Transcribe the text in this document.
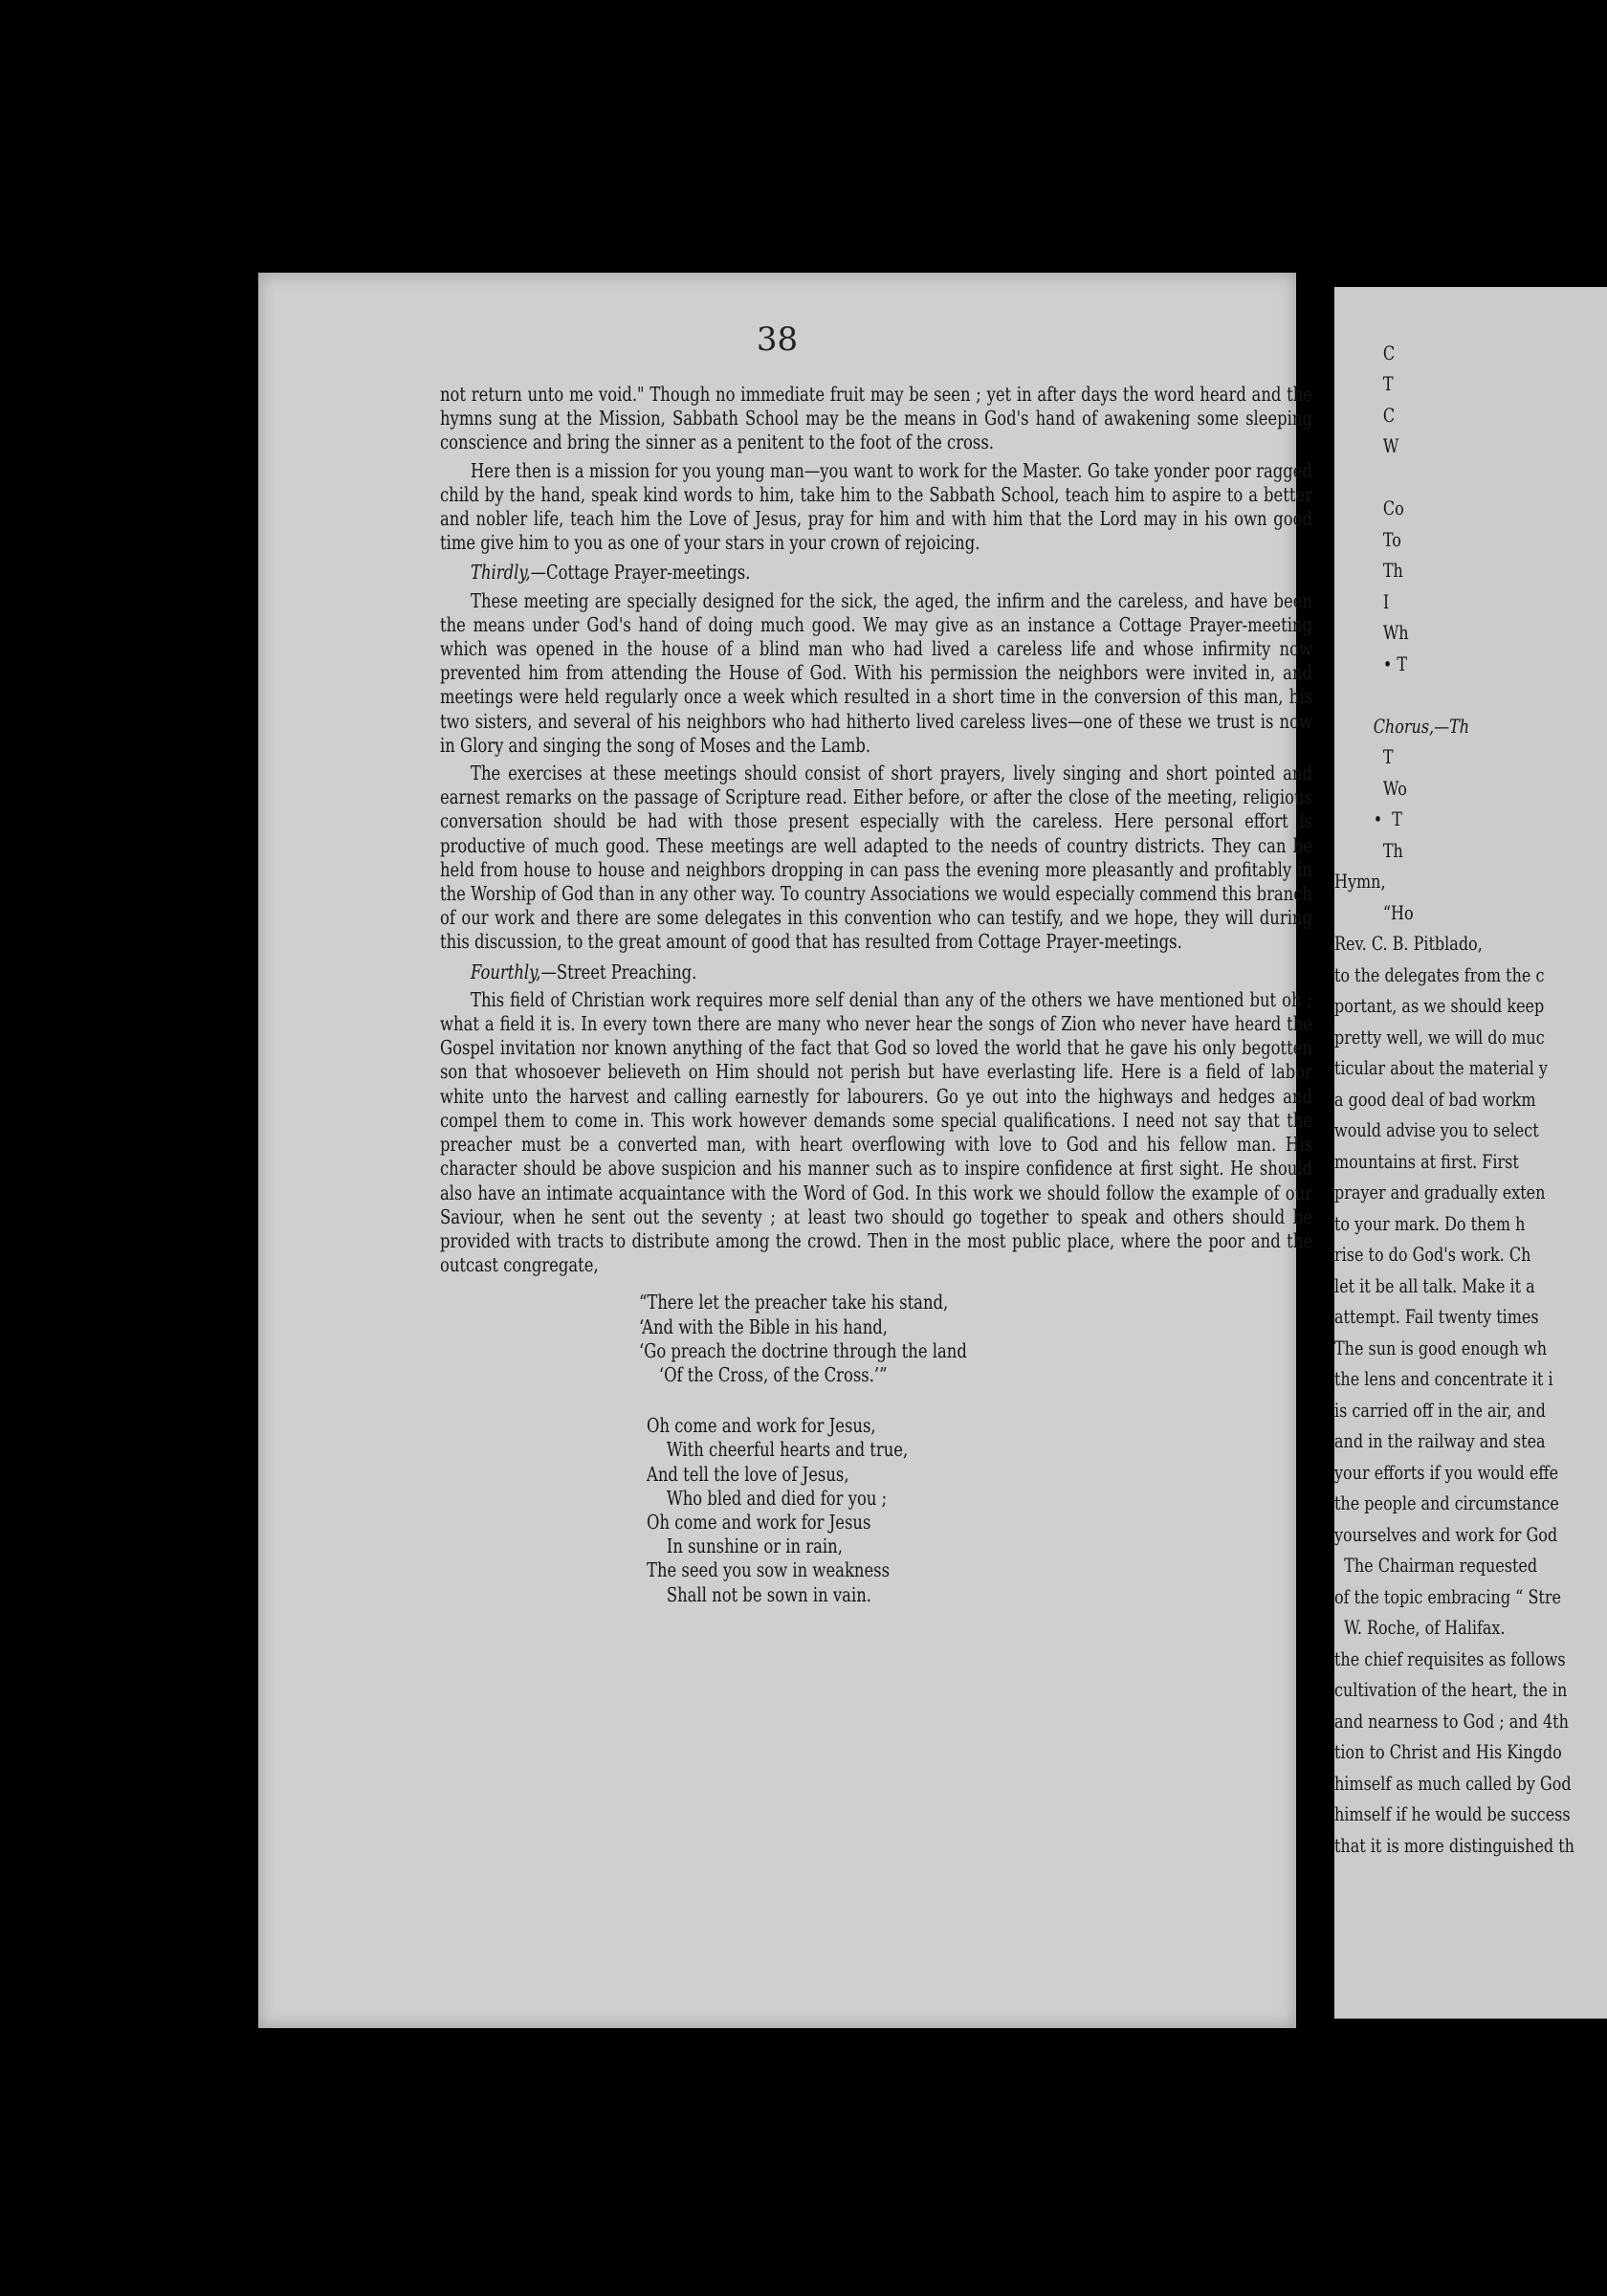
38

not return unto me void." Though no immediate fruit may be seen ; yet in after days the word heard and the hymns sung at the Mission, Sabbath School may be the means in God's hand of awakening some sleeping conscience and bring the sinner as a penitent to the foot of the cross.

Here then is a mission for you young man—you want to work for the Master. Go take yonder poor ragged child by the hand, speak kind words to him, take him to the Sabbath School, teach him to aspire to a better and nobler life, teach him the Love of Jesus, pray for him and with him that the Lord may in his own good time give him to you as one of your stars in your crown of rejoicing.

Thirdly,—Cottage Prayer-meetings.

These meeting are specially designed for the sick, the aged, the infirm and the careless, and have been the means under God's hand of doing much good. We may give as an instance a Cottage Prayer-meeting which was opened in the house of a blind man who had lived a careless life and whose infirmity now prevented him from attending the House of God. With his permission the neighbors were invited in, and meetings were held regularly once a week which resulted in a short time in the conversion of this man, his two sisters, and several of his neighbors who had hitherto lived careless lives—one of these we trust is now in Glory and singing the song of Moses and the Lamb.

The exercises at these meetings should consist of short prayers, lively singing and short pointed and earnest remarks on the passage of Scripture read. Either before, or after the close of the meeting, religious conversation should be had with those present especially with the careless. Here personal effort is productive of much good. These meetings are well adapted to the needs of country districts. They can be held from house to house and neighbors dropping in can pass the evening more pleasantly and profitably in the Worship of God than in any other way. To country Associations we would especially commend this branch of our work and there are some delegates in this convention who can testify, and we hope, they will during this discussion, to the great amount of good that has resulted from Cottage Prayer-meetings.

Fourthly,—Street Preaching.

This field of Christian work requires more self denial than any of the others we have mentioned but oh ; what a field it is. In every town there are many who never hear the songs of Zion who never have heard the Gospel invitation nor known anything of the fact that God so loved the world that he gave his only begotten son that whosoever believeth on Him should not perish but have everlasting life. Here is a field of labor white unto the harvest and calling earnestly for labourers. Go ye out into the highways and hedges and compel them to come in. This work however demands some special qualifications. I need not say that the preacher must be a converted man, with heart overflowing with love to God and his fellow man. His character should be above suspicion and his manner such as to inspire confidence at first sight. He should also have an intimate acquaintance with the Word of God. In this work we should follow the example of our Saviour, when he sent out the seventy ; at least two should go together to speak and others should be provided with tracts to distribute among the crowd. Then in the most public place, where the poor and the outcast congregate,

“There let the preacher take his stand,
‘And with the Bible in his hand,
‘Go preach the doctrine through the land
‘Of the Cross, of the Cross.’”
Oh come and work for Jesus,
With cheerful hearts and true,
And tell the love of Jesus,
Who bled and died for you ;
Oh come and work for Jesus
In sunshine or in rain,
The seed you sow in weakness
Shall not be sown in vain.
C
T
C
W
Co
To
Th
I
Wh
• T
Chorus,—Th
T
Wo
•  T
Th
Hymn,
“Ho
Rev. C. B. Pitblado,
to the delegates from the c
portant, as we should keep
pretty well, we will do muc
ticular about the material y
a good deal of bad workm
would advise you to select
mountains at first. First
prayer and gradually exten
to your mark. Do them h
rise to do God's work. Ch
let it be all talk. Make it a
attempt. Fail twenty times
The sun is good enough wh
the lens and concentrate it i
is carried off in the air, and
and in the railway and stea
your efforts if you would effe
the people and circumstance
yourselves and work for God
The Chairman requested
of the topic embracing “ Stre
W. Roche, of Halifax.
the chief requisites as follows
cultivation of the heart, the in
and nearness to God ; and 4th
tion to Christ and His Kingdo
himself as much called by God
himself if he would be success
that it is more distinguished th
